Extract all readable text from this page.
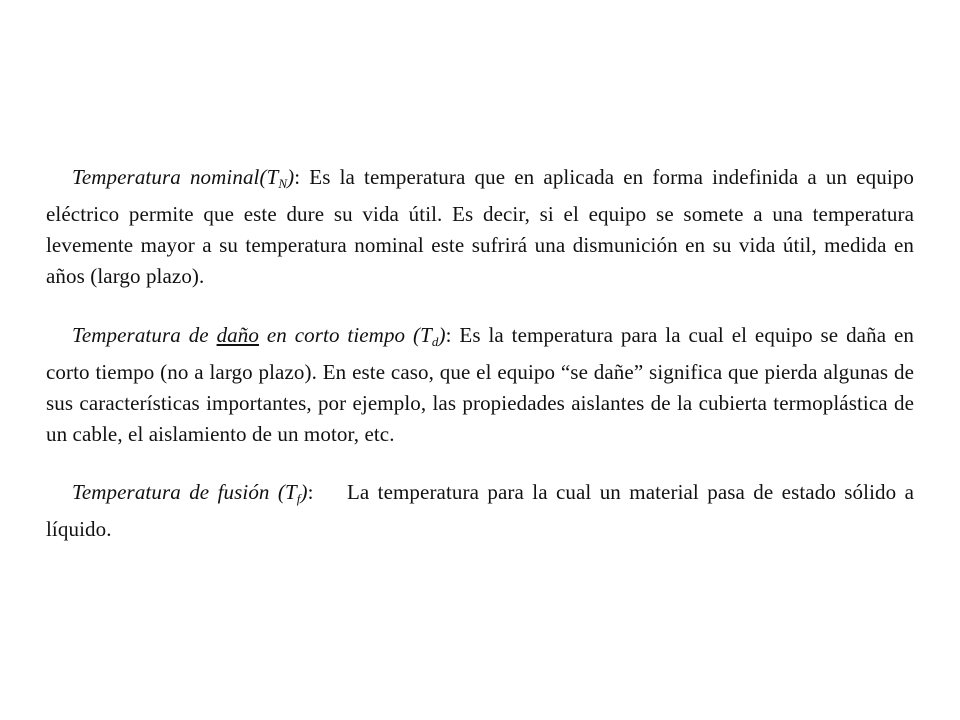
Temperatura $nominal(T_N)$: Es la temperatura que en aplicada en forma indefinida a un equipo eléctrico permite que este dure su vida útil. Es decir, si el equipo se somete a una temperatura levemente mayor a su temperatura nominal este sufrirá una dismunición en su vida útil, medida en años (largo plazo).

Temperatura de daño en corto tiempo $(T_d)$: Es la temperatura para la cual el equipo se daña en corto tiempo (no a largo plazo). En este caso, que el equipo “se dañe” significa que pierda algunas de sus características importantes, por ejemplo, las propiedades aislantes de la cubierta termoplástica de un cable, el aislamiento de un motor, etc.

Temperatura de fusión $(T_f)$:    La temperatura para la cual un material pasa de estado sólido a líquido.
